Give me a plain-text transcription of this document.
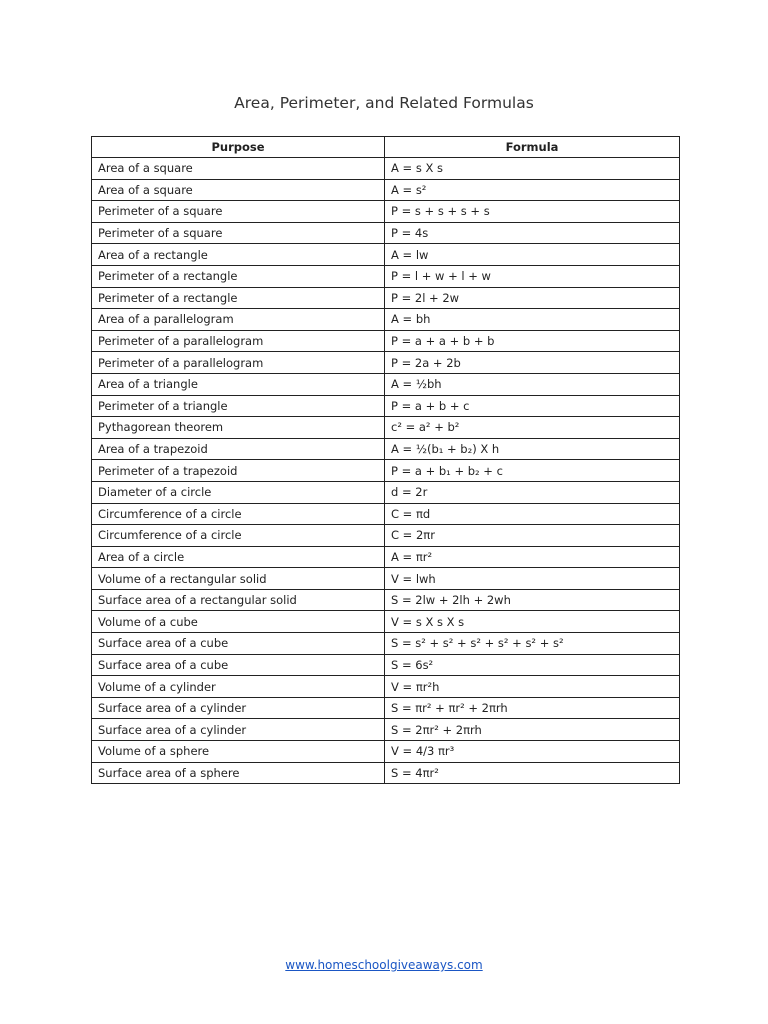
Area, Perimeter, and Related Formulas
Purpose	Formula
Area of a square	A = s X s
Area of a square	A = s²
Perimeter of a square	P = s + s + s + s
Perimeter of a square	P = 4s
Area of a rectangle	A = lw
Perimeter of a rectangle	P = l + w + l + w
Perimeter of a rectangle	P = 2l + 2w
Area of a parallelogram	A = bh
Perimeter of a parallelogram	P = a + a + b + b
Perimeter of a parallelogram	P = 2a + 2b
Area of a triangle	A = ½bh
Perimeter of a triangle	P = a + b + c
Pythagorean theorem	c² = a² + b²
Area of a trapezoid	A = ½(b₁ + b₂) X h
Perimeter of a trapezoid	P = a + b₁ + b₂ + c
Diameter of a circle	d = 2r
Circumference of a circle	C = πd
Circumference of a circle	C = 2πr
Area of a circle	A = πr²
Volume of a rectangular solid	V = lwh
Surface area of a rectangular solid	S = 2lw + 2lh + 2wh
Volume of a cube	V = s X s X s
Surface area of a cube	S = s² + s² + s² + s² + s² + s²
Surface area of a cube	S = 6s²
Volume of a cylinder	V = πr²h
Surface area of a cylinder	S = πr² + πr² + 2πrh
Surface area of a cylinder	S = 2πr² + 2πrh
Volume of a sphere	V = 4/3 πr³
Surface area of a sphere	S = 4πr²
www.homeschoolgiveaways.com
